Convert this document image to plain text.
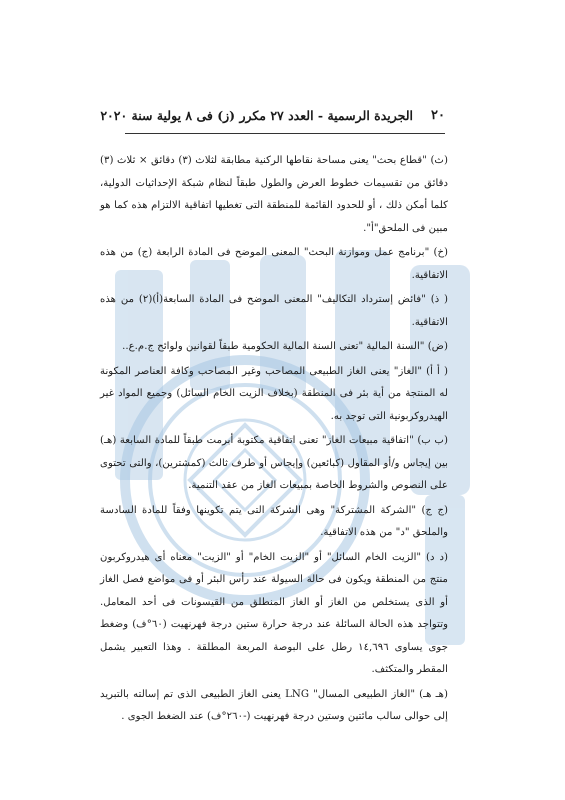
٢٠
الجريدة الرسمية - العدد ٢٧ مكرر (ز) فى ٨ يولية سنة ٢٠٢٠

(ث) "قطاع بحث" يعنى مساحة نقاطها الركنية مطابقة لثلاث (٣) دقائق × ثلاث (٣) دقائق من تقسيمات خطوط العرض والطول طبقاً لنظام شبكة الإحداثيات الدولية، كلما أمكن ذلك ، أو للحدود القائمة للمنطقة التى تغطيها اتفاقية الالتزام هذه كما هو مبين فى الملحق"أ".

(خ) "برنامج عمل وموازنة البحث" المعنى الموضح فى المادة الرابعة (ج) من هذه الاتفاقية.

( ذ) "فائض إسترداد التكاليف" المعنى الموضح فى المادة السابعة(أ)(٢) من هذه الاتفاقية.

(ض) "السنة المالية "تعنى السنة المالية الحكومية طبقاً لقوانين ولوائح ج.م.ع..

( أ أ) "الغاز" يعنى الغاز الطبيعى المصاحب وغير المصاحب وكافة العناصر المكونة له المنتجة من أية بئر فى المنطقة (بخلاف الزيت الخام السائل) وجميع المواد غير الهيدروكربونية التى توجد به.

(ب ب) "اتفاقية مبيعات الغاز" تعنى اتفاقية مكتوبة أبرمت طبقاً للمادة السابعة (هـ) بين إيجاس و/أو المقاول (كبائعين) وإيجاس أو طرف ثالث (كمشترين)، والتى تحتوى على النصوص والشروط الخاصة بمبيعات الغاز من عقد التنمية.

(ج ج) "الشركة المشتركة" وهى الشركة التى يتم تكوينها وفقاً للمادة السادسة والملحق "د" من هذه الاتفاقية.

(د د) "الزيت الخام السائل" أو "الزيت الخام" أو "الزيت" معناه أى هيدروكربون منتج من المنطقة ويكون فى حالة السيولة عند رأس البئر أو فى مواضع فصل الغاز أو الذى يستخلص من الغاز أو الغاز المنطلق من القيسونات فى أحد المعامل. وتتواجد هذه الحالة السائلة عند درجة حرارة ستين درجة فهرنهيت (٦٠°ف) وضغط جوى يساوى ١٤,٦٩٦ رطل على البوصة المربعة المطلقة . وهذا التعبير يشمل المقطر والمتكثف.

(هـ هـ) "الغاز الطبيعى المسال" LNG يعنى الغاز الطبيعى الذى تم إسالته بالتبريد إلى حوالى سالب مائتين وستين درجة فهرنهيت (-٢٦٠°ف) عند الضغط الجوى .
